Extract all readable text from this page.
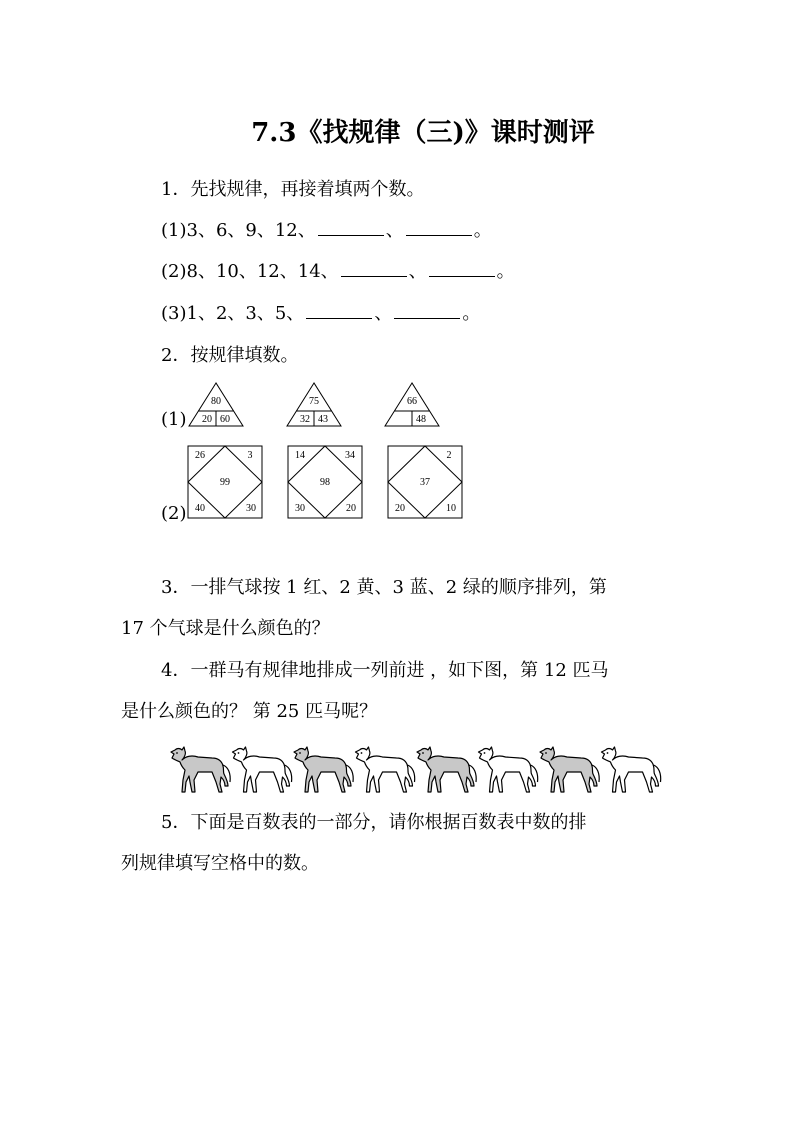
7.3《找规律（三)》课时测评
1．先找规律，再接着填两个数。
(1)3、6、9、12、	、	。
(2)8、10、12、14、	、	。
(3)1、2、3、5、	、	。
2．按规律填数。
(1)
(2)
80
20 60
75
32 43
66
48
26	3
99
40	30
14	34
98
30	20
2
37
20	10
3．一排气球按 1 红、2 黄、3 蓝、2 绿的顺序排列，第
17 个气球是什么颜色的？
4．一群马有规律地排成一列前进 ，如下图，第 12 匹马
是什么颜色的？ 第 25 匹马呢？
5．下面是百数表的一部分，请你根据百数表中数的排
列规律填写空格中的数。
